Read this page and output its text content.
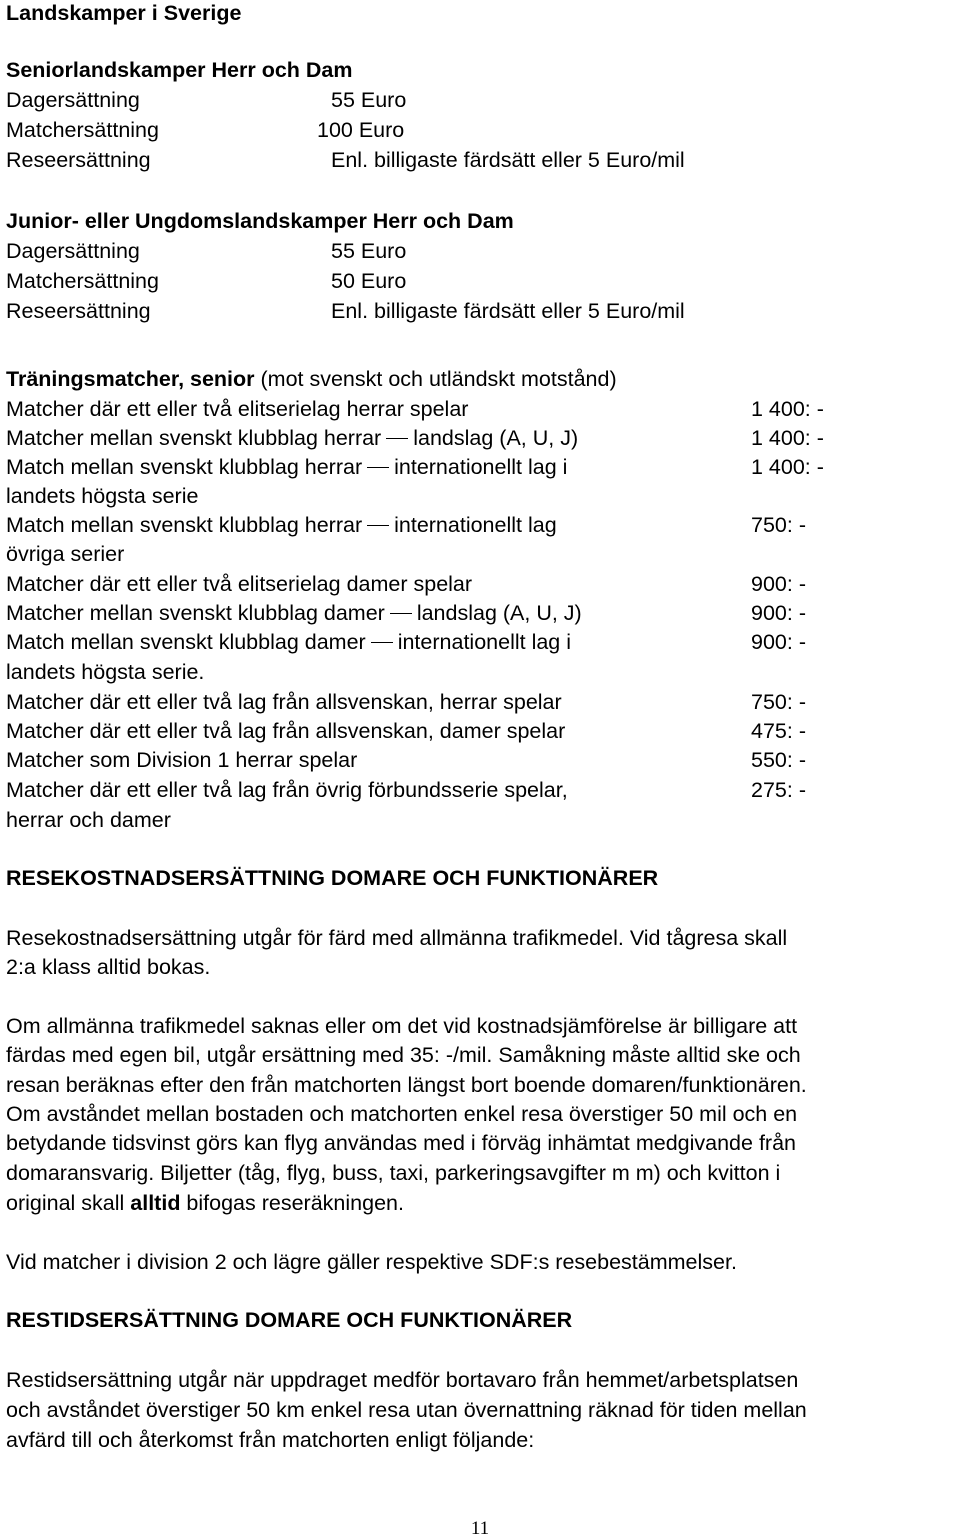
Landskamper i Sverige
Seniorlandskamper Herr och Dam
Dagersättning	55 Euro
Matchersättning	100 Euro
Reseersättning	Enl. billigaste färdsätt eller 5 Euro/mil
Junior- eller Ungdomslandskamper Herr och Dam
Dagersättning	55 Euro
Matchersättning	50 Euro
Reseersättning	Enl. billigaste färdsätt eller 5 Euro/mil
Träningsmatcher, senior (mot svenskt och utländskt motstånd)
Matcher där ett eller två elitserielag herrar spelar	1 400: -
Matcher mellan svenskt klubblag herrar landslag (A, U, J)	1 400: -
Match mellan svenskt klubblag herrar internationellt lag i	1 400: -
landets högsta serie
Match mellan svenskt klubblag herrar internationellt lag	750: -
övriga serier
Matcher där ett eller två elitserielag damer spelar	900: -
Matcher mellan svenskt klubblag damer landslag (A, U, J)	900: -
Match mellan svenskt klubblag damer internationellt lag i	900: -
landets högsta serie.
Matcher där ett eller två lag från allsvenskan, herrar spelar	750: -
Matcher där ett eller två lag från allsvenskan, damer spelar	475: -
Matcher som Division 1 herrar spelar	550: -
Matcher där ett eller två lag från övrig förbundsserie spelar,	275: -
herrar och damer
RESEKOSTNADSERSÄTTNING DOMARE OCH FUNKTIONÄRER
Resekostnadsersättning utgår för färd med allmänna trafikmedel. Vid tågresa skall
2:a klass alltid bokas.
Om allmänna trafikmedel saknas eller om det vid kostnadsjämförelse är billigare att
färdas med egen bil, utgår ersättning med 35: -/mil. Samåkning måste alltid ske och
resan beräknas efter den från matchorten längst bort boende domaren/funktionären.
Om avståndet mellan bostaden och matchorten enkel resa överstiger 50 mil och en
betydande tidsvinst görs kan flyg användas med i förväg inhämtat medgivande från
domaransvarig. Biljetter (tåg, flyg, buss, taxi, parkeringsavgifter m m) och kvitton i
original skall alltid bifogas reseräkningen.
Vid matcher i division 2 och lägre gäller respektive SDF:s resebestämmelser.
RESTIDSERSÄTTNING DOMARE OCH FUNKTIONÄRER
Restidsersättning utgår när uppdraget medför bortavaro från hemmet/arbetsplatsen
och avståndet överstiger 50 km enkel resa utan övernattning räknad för tiden mellan
avfärd till och återkomst från matchorten enligt följande:
11
